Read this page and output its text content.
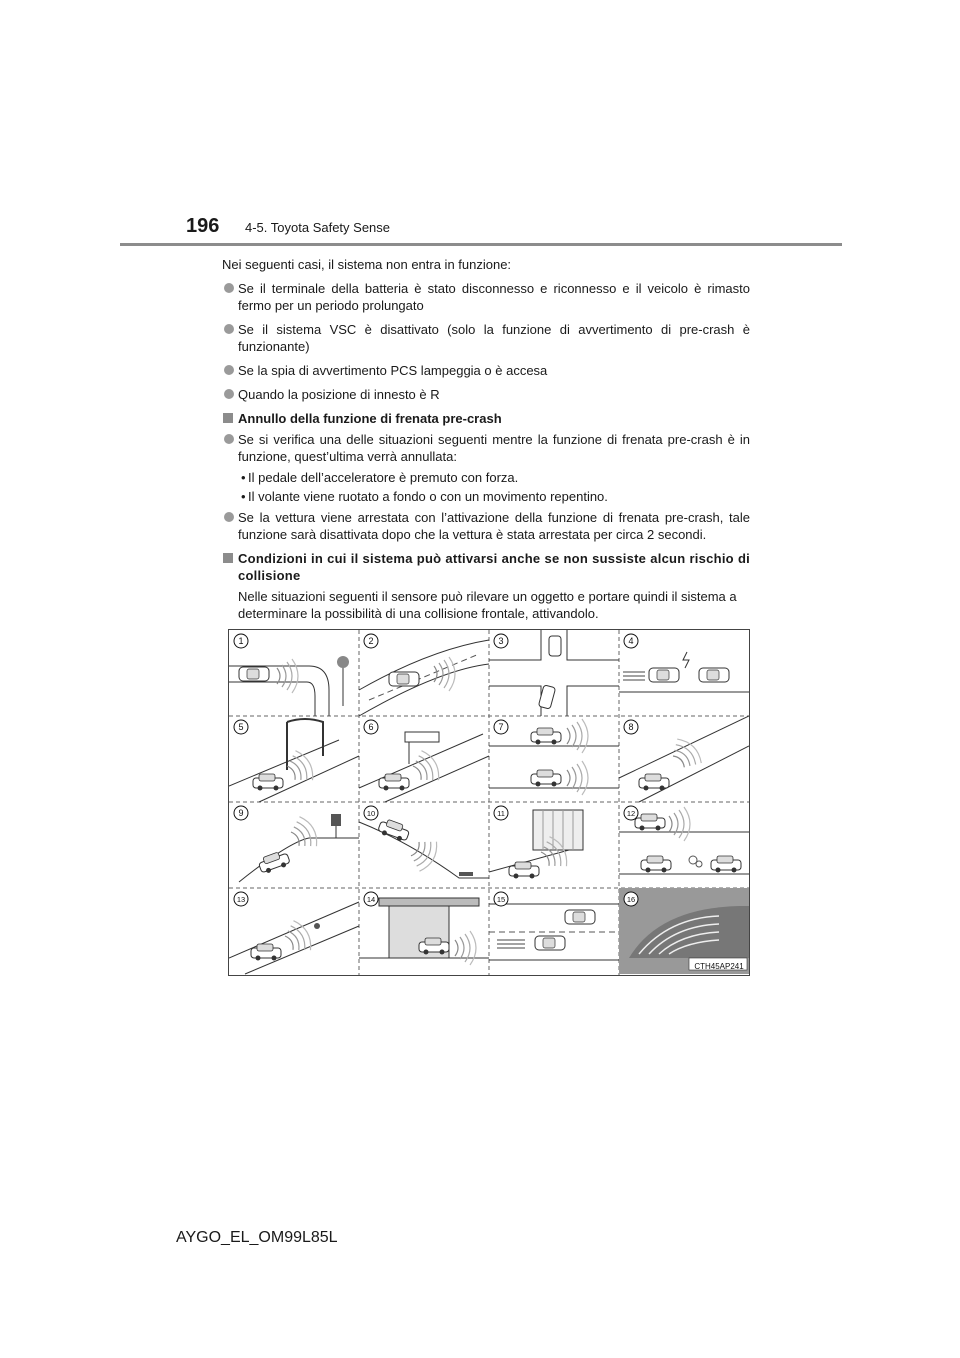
196 4-5. Toyota Safety Sense

Nei seguenti casi, il sistema non entra in funzione:

Se il terminale della batteria è stato disconnesso e riconnesso e il veicolo è rimasto fermo per un periodo prolungato
Se il sistema VSC è disattivato (solo la funzione di avvertimento di pre-crash è funzionante)
Se la spia di avvertimento PCS lampeggia o è accesa
Quando la posizione di innesto è R
Annullo della funzione di frenata pre-crash
Se si verifica una delle situazioni seguenti mentre la funzione di frenata pre-crash è in funzione, quest’ultima verrà annullata:
• Il pedale dell’acceleratore è premuto con forza.
• Il volante viene ruotato a fondo o con un movimento repentino.
Se la vettura viene arrestata con l’attivazione della funzione di frenata pre-crash, tale funzione sarà disattivata dopo che la vettura è stata arrestata per circa 2 secondi.
Condizioni in cui il sistema può attivarsi anche se non sussiste alcun rischio di collisione

Nelle situazioni seguenti il sensore può rilevare un oggetto e portare quindi il sistema a determinare la possibilità di una collisione frontale, attivandolo.

1	2	3	4
5	6	7	8
9	10	11	12
13	14	15	16
CTH45AP241
AYGO_EL_OM99L85L
